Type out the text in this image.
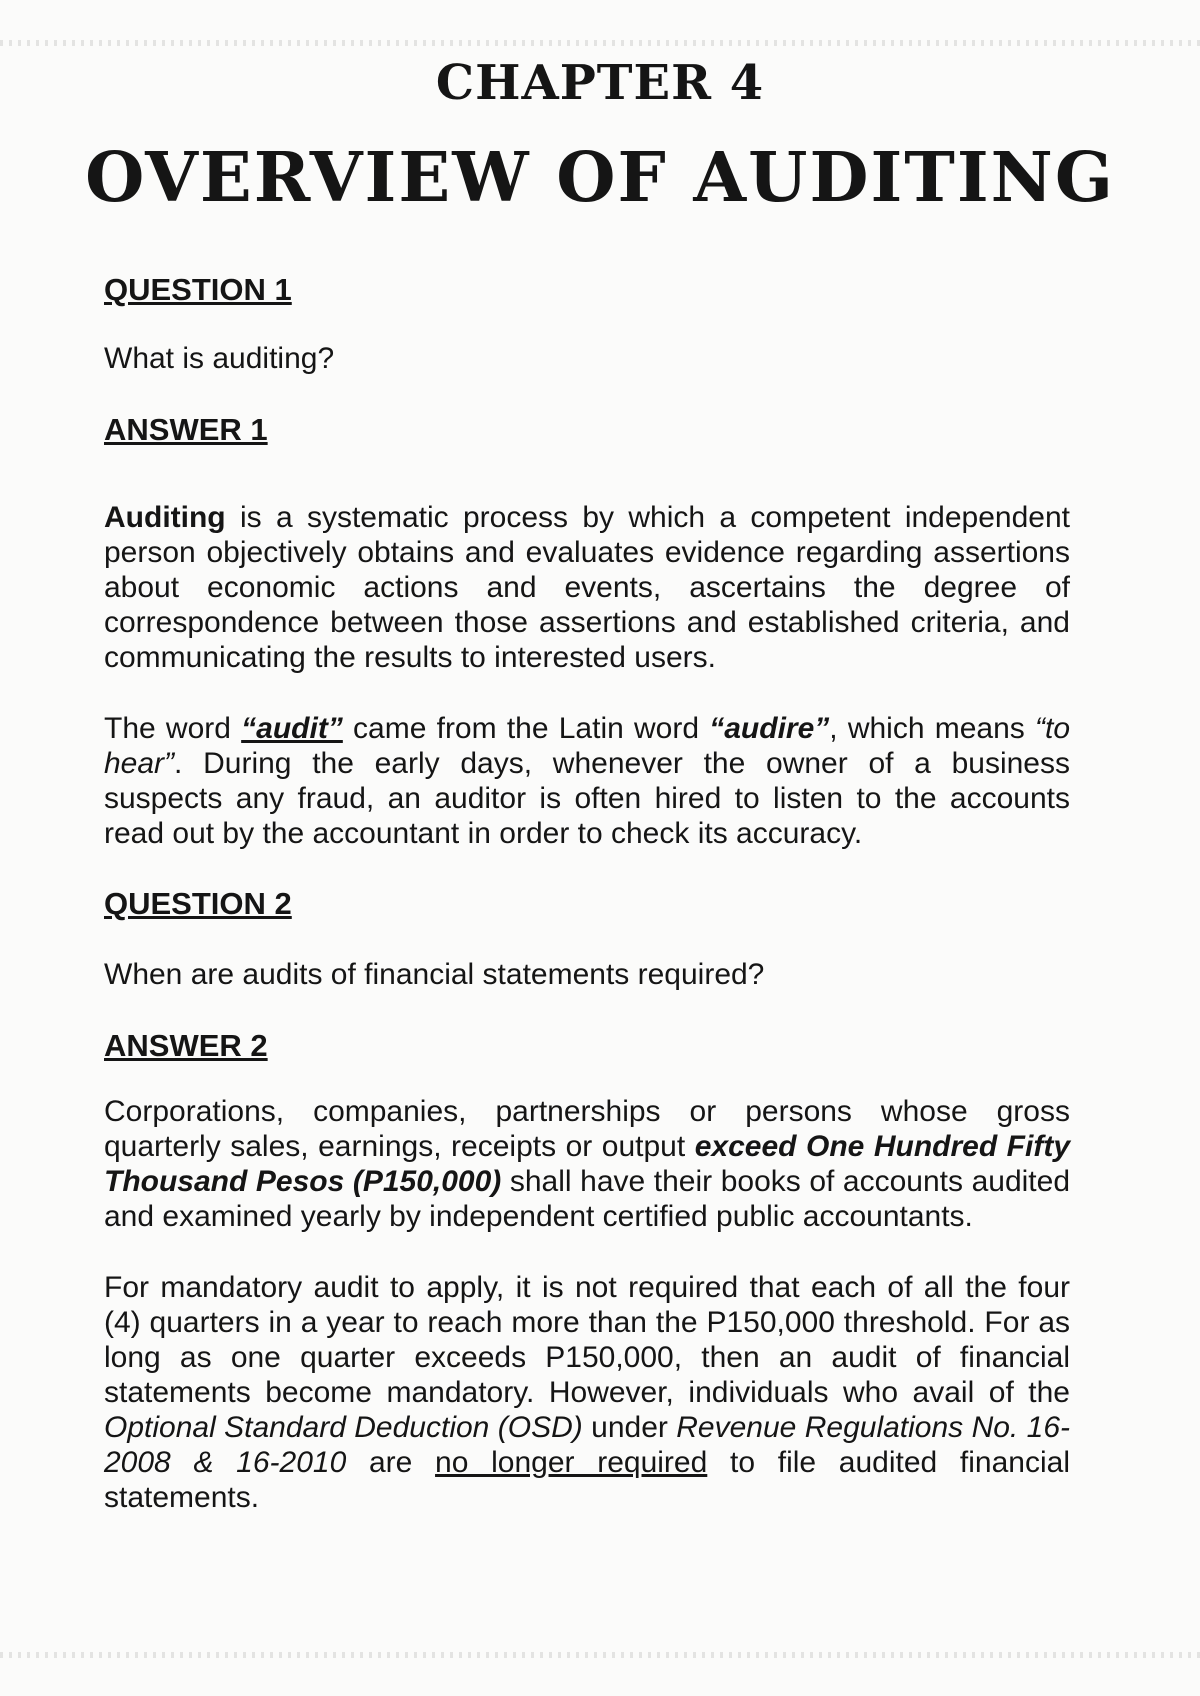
CHAPTER 4
OVERVIEW OF AUDITING

QUESTION 1

What is auditing?

ANSWER 1

Auditing is a systematic process by which a competent independent person objectively obtains and evaluates evidence regarding assertions about economic actions and events, ascertains the degree of correspondence between those assertions and established criteria, and communicating the results to interested users.

The word “audit” came from the Latin word “audire”, which means “to hear”. During the early days, whenever the owner of a business suspects any fraud, an auditor is often hired to listen to the accounts read out by the accountant in order to check its accuracy.

QUESTION 2

When are audits of financial statements required?

ANSWER 2

Corporations, companies, partnerships or persons whose gross quarterly sales, earnings, receipts or output exceed One Hundred Fifty Thousand Pesos (P150,000) shall have their books of accounts audited and examined yearly by independent certified public accountants.

For mandatory audit to apply, it is not required that each of all the four (4) quarters in a year to reach more than the P150,000 threshold. For as long as one quarter exceeds P150,000, then an audit of financial statements become mandatory. However, individuals who avail of the Optional Standard Deduction (OSD) under Revenue Regulations No. 16-2008 & 16-2010 are no longer required to file audited financial statements.
